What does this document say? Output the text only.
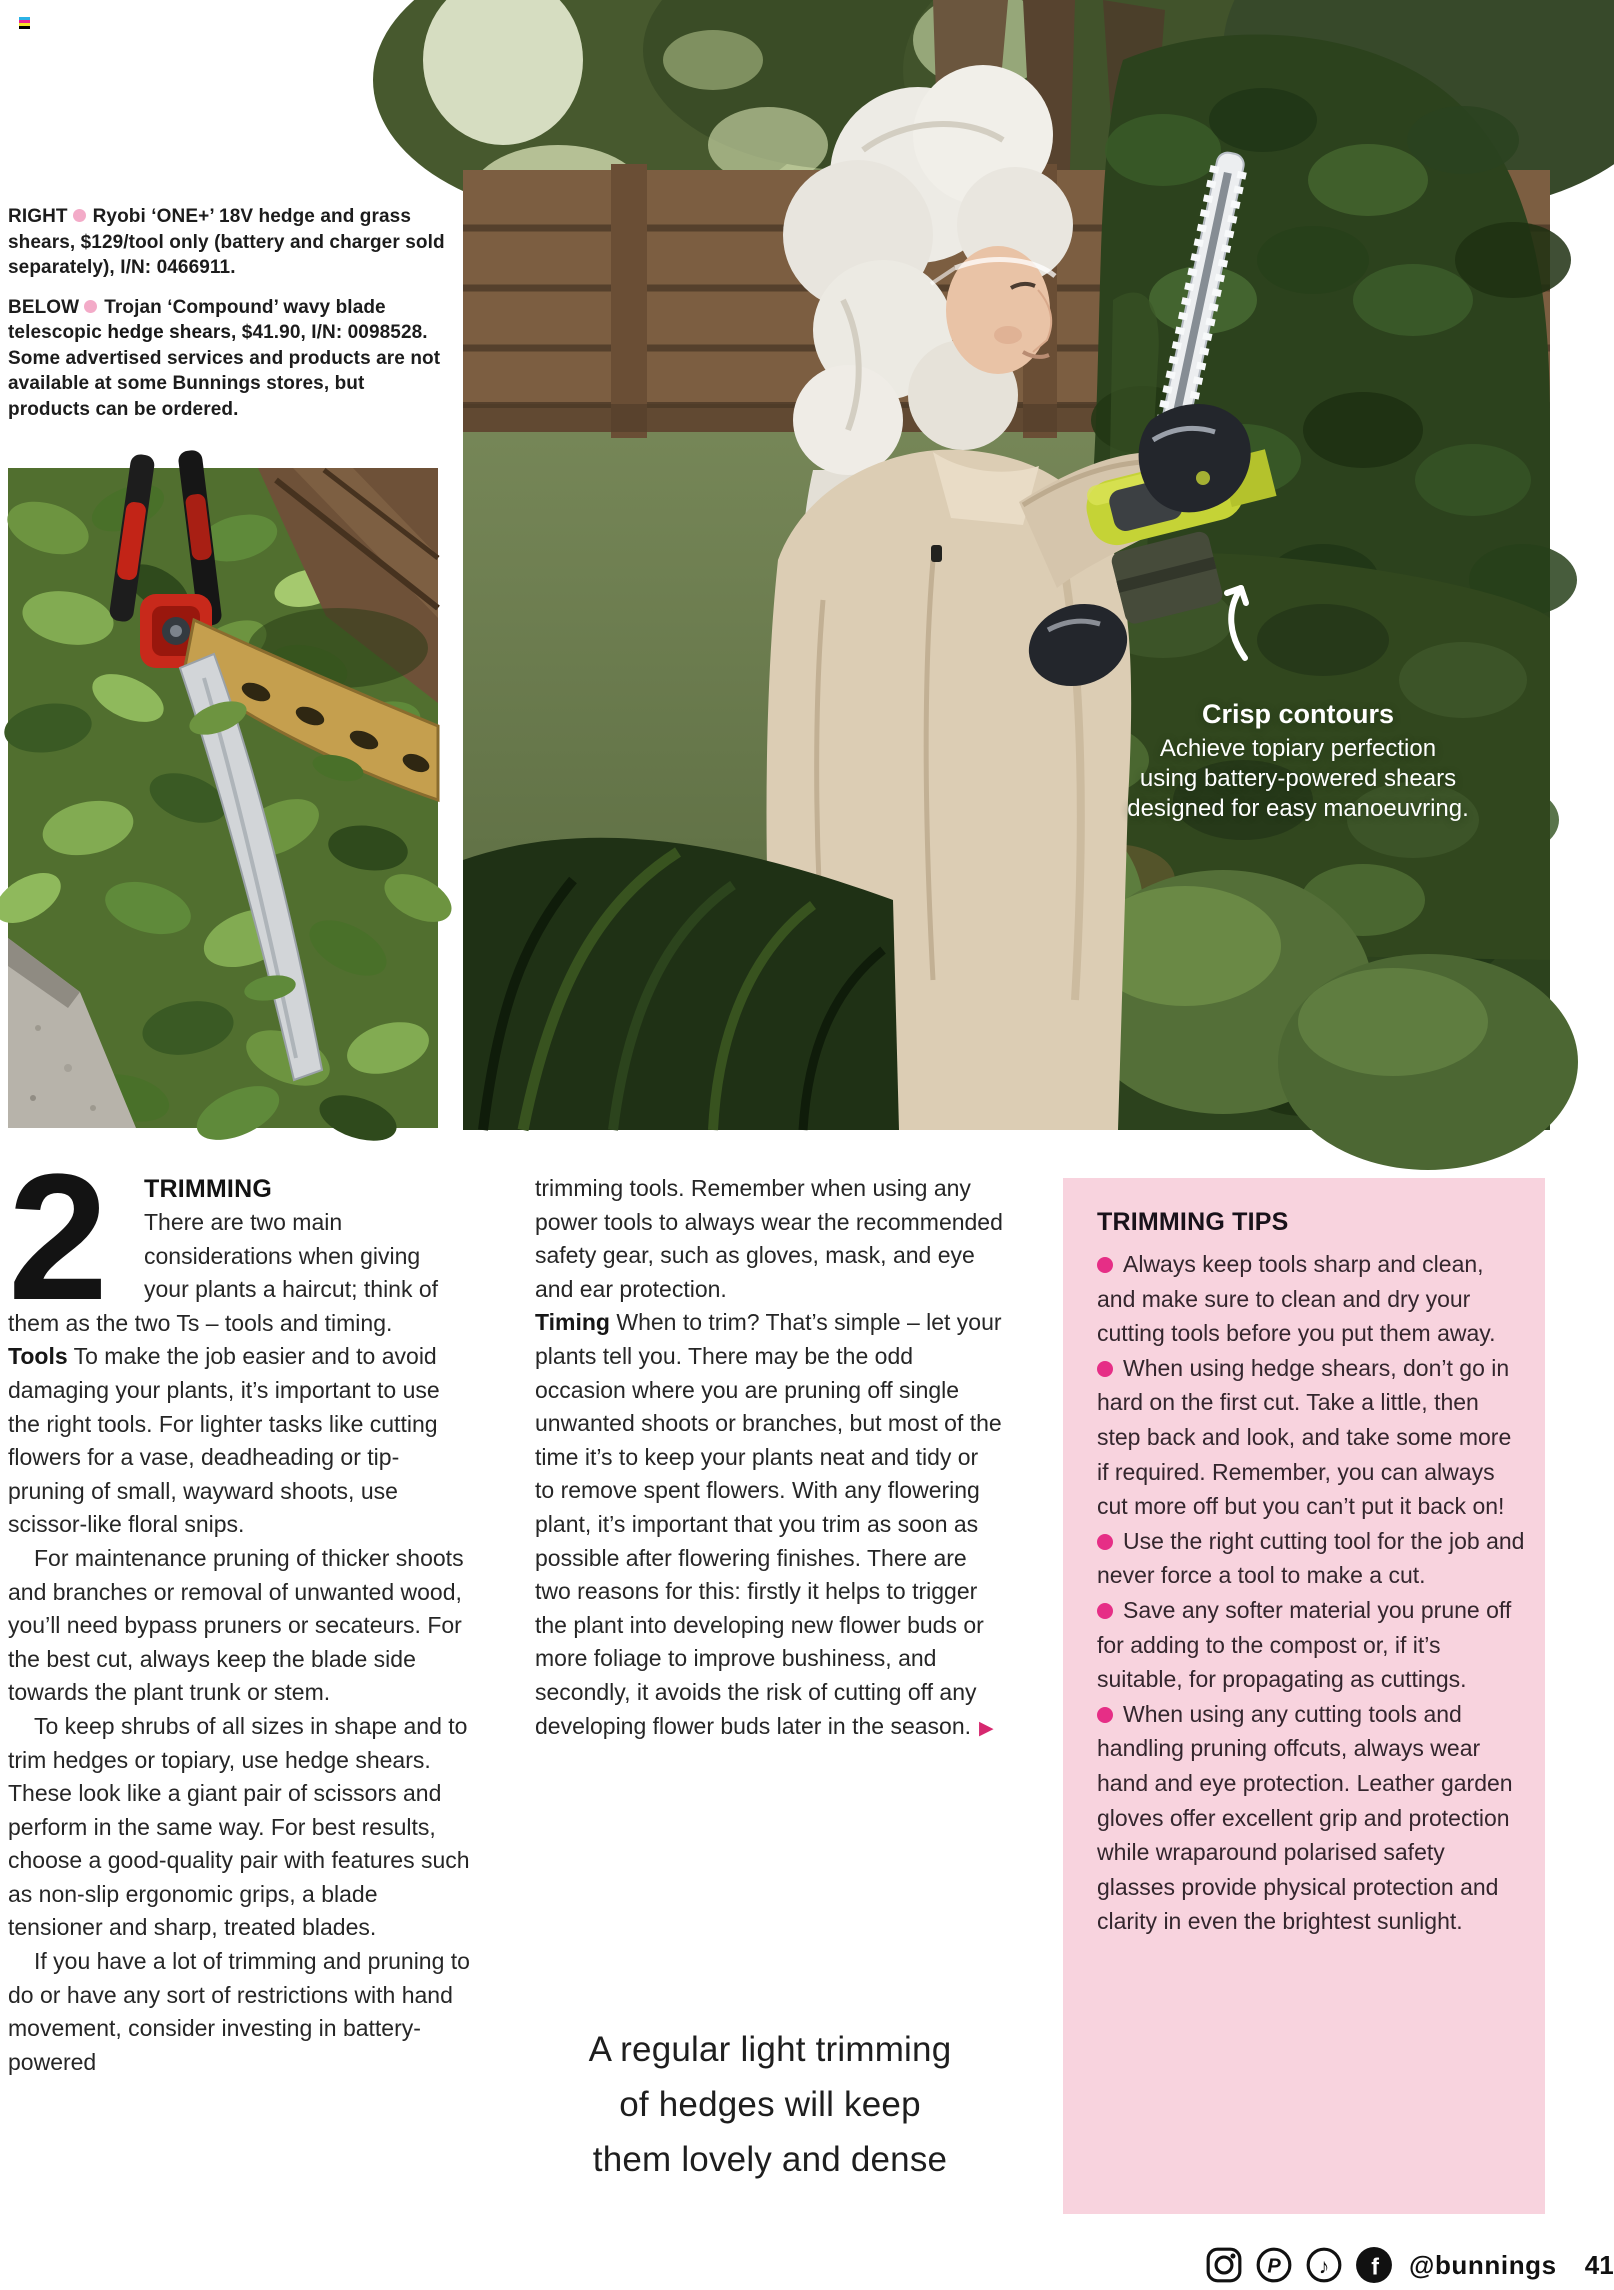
RIGHT Ryobi ‘ONE+’ 18V hedge and grass shears, $129/tool only (battery and charger sold separately), I/N: 0466911.

BELOW Trojan ‘Compound’ wavy blade telescopic hedge shears, $41.90, I/N: 0098528. Some advertised services and products are not available at some Bunnings stores, but products can be ordered.

Crisp contours
Achieve topiary perfection
using battery-powered shears
designed for easy manoeuvring.
2	TRIMMING

There are two main considerations when giving your plants a haircut; think of them as the two Ts – tools and timing.

Tools To make the job easier and to avoid damaging your plants, it’s important to use the right tools. For lighter tasks like cutting flowers for a vase, deadheading or tip-pruning of small, wayward shoots, use scissor-like floral snips.

For maintenance pruning of thicker shoots and branches or removal of unwanted wood, you’ll need bypass pruners or secateurs. For the best cut, always keep the blade side towards the plant trunk or stem.

To keep shrubs of all sizes in shape and to trim hedges or topiary, use hedge shears. These look like a giant pair of scissors and perform in the same way. For best results, choose a good-quality pair with features such as non-slip ergonomic grips, a blade tensioner and sharp, treated blades.

If you have a lot of trimming and pruning to do or have any sort of restrictions with hand movement, consider investing in battery-powered

trimming tools. Remember when using any power tools to always wear the recommended safety gear, such as gloves, mask, and eye and ear protection.

Timing When to trim? That’s simple – let your plants tell you. There may be the odd occasion where you are pruning off single unwanted shoots or branches, but most of the time it’s to keep your plants neat and tidy or to remove spent flowers. With any flowering plant, it’s important that you trim as soon as possible after flowering finishes. There are two reasons for this: firstly it helps to trigger the plant into developing new flower buds or more foliage to improve bushiness, and secondly, it avoids the risk of cutting off any developing flower buds later in the season. ▶

A regular light trimming
of hedges will keep
them lovely and dense
TRIMMING TIPS

Always keep tools sharp and clean, and make sure to clean and dry your cutting tools before you put them away.

When using hedge shears, don’t go in hard on the first cut. Take a little, then step back and look, and take some more if required. Remember, you can always cut more off but you can’t put it back on!

Use the right cutting tool for the job and never force a tool to make a cut.

Save any softer material you prune off for adding to the compost or, if it’s suitable, for propagating as cuttings.

When using any cutting tools and handling pruning offcuts, always wear hand and eye protection. Leather garden gloves offer excellent grip and protection while wraparound polarised safety glasses provide physical protection and clarity in even the brightest sunlight.

P ♪ f @bunnings 41
